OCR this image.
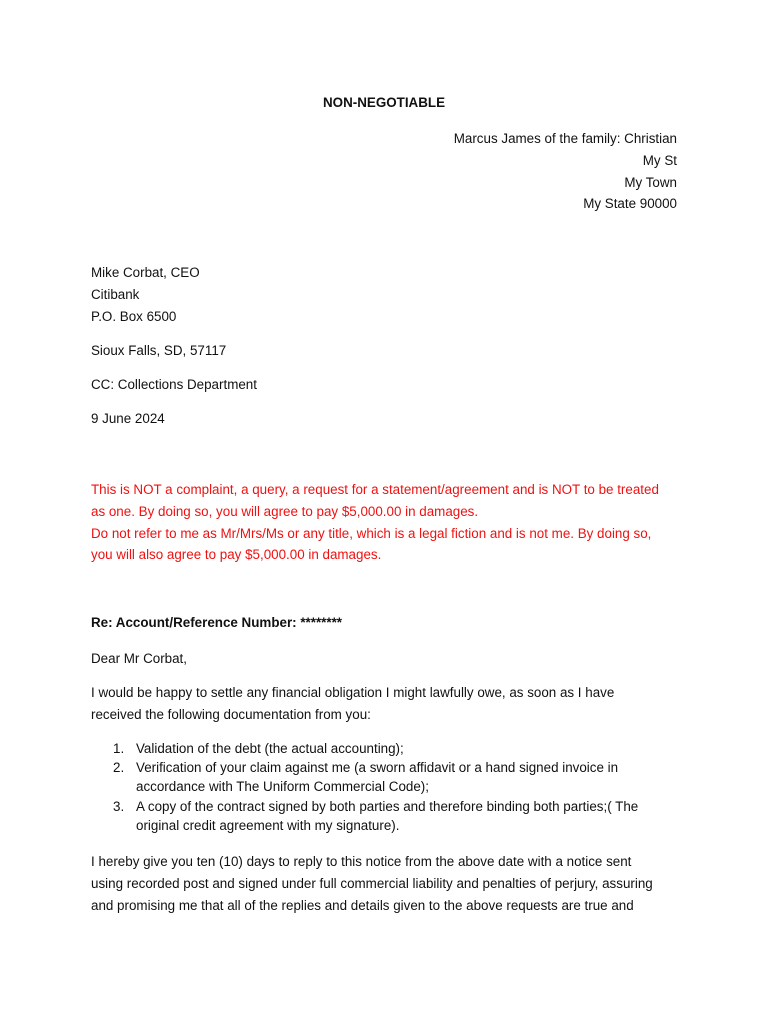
NON-NEGOTIABLE
Marcus James of the family: Christian
My St
My Town
My State 90000
Mike Corbat, CEO
Citibank
P.O. Box 6500
Sioux Falls, SD, 57117
CC: Collections Department
9 June 2024
This is NOT a complaint, a query, a request for a statement/agreement and is NOT to be treated
as one. By doing so, you will agree to pay $5,000.00 in damages.
Do not refer to me as Mr/Mrs/Ms or any title, which is a legal fiction and is not me. By doing so,
you will also agree to pay $5,000.00 in damages.
Re: Account/Reference Number: ********
Dear Mr Corbat,
I would be happy to settle any financial obligation I might lawfully owe, as soon as I have
received the following documentation from you:
1. Validation of the debt (the actual accounting);
2. Verification of your claim against me (a sworn affidavit or a hand signed invoice in
accordance with The Uniform Commercial Code);
3. A copy of the contract signed by both parties and therefore binding both parties;( The
original credit agreement with my signature).
I hereby give you ten (10) days to reply to this notice from the above date with a notice sent
using recorded post and signed under full commercial liability and penalties of perjury, assuring
and promising me that all of the replies and details given to the above requests are true and
